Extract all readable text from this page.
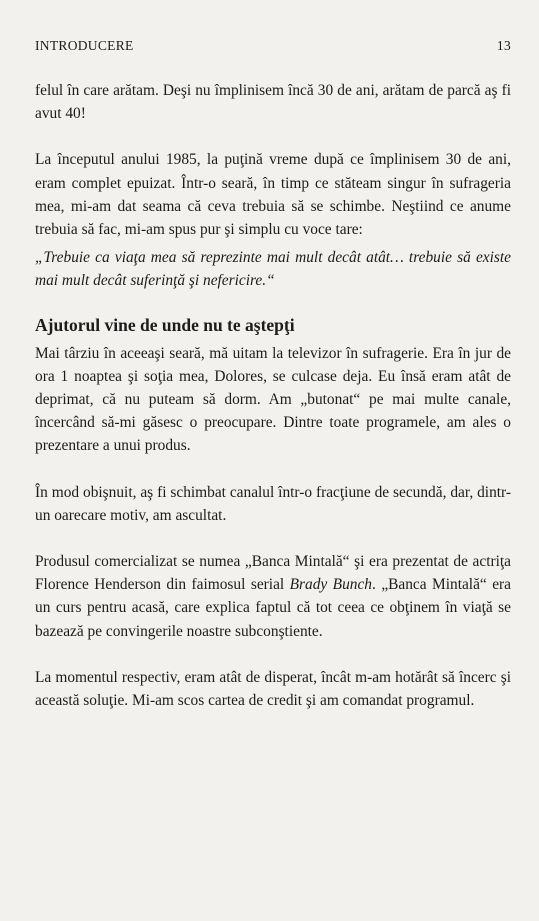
INTRODUCERE	13

felul în care arătam. Deşi nu împlinisem încă 30 de ani, arătam de parcă aş fi avut 40!

La începutul anului 1985, la puţină vreme după ce împlinisem 30 de ani, eram complet epuizat. Într-o seară, în timp ce stăteam singur în sufrageria mea, mi-am dat seama că ceva trebuia să se schimbe. Neştiind ce anume trebuia să fac, mi-am spus pur şi simplu cu voce tare:

„Trebuie ca viaţa mea să reprezinte mai mult decât atât… trebuie să existe mai mult decât suferinţă şi nefericire.“

Ajutorul vine de unde nu te aştepţi

Mai târziu în aceeaşi seară, mă uitam la televizor în sufragerie. Era în jur de ora 1 noaptea şi soţia mea, Dolores, se culcase deja. Eu însă eram atât de deprimat, că nu puteam să dorm. Am „butonat“ pe mai multe canale, încercând să-mi găsesc o preocupare. Dintre toate programele, am ales o prezentare a unui produs.

În mod obişnuit, aş fi schimbat canalul într-o fracţiune de secundă, dar, dintr-un oarecare motiv, am ascultat.

Produsul comercializat se numea „Banca Mintală“ şi era prezentat de actriţa Florence Henderson din faimosul serial Brady Bunch. „Banca Mintală“ era un curs pentru acasă, care explica faptul că tot ceea ce obţinem în viaţă se bazează pe convingerile noastre subconştiente.

La momentul respectiv, eram atât de disperat, încât m-am hotărât să încerc şi această soluţie. Mi-am scos cartea de credit şi am comandat programul.
